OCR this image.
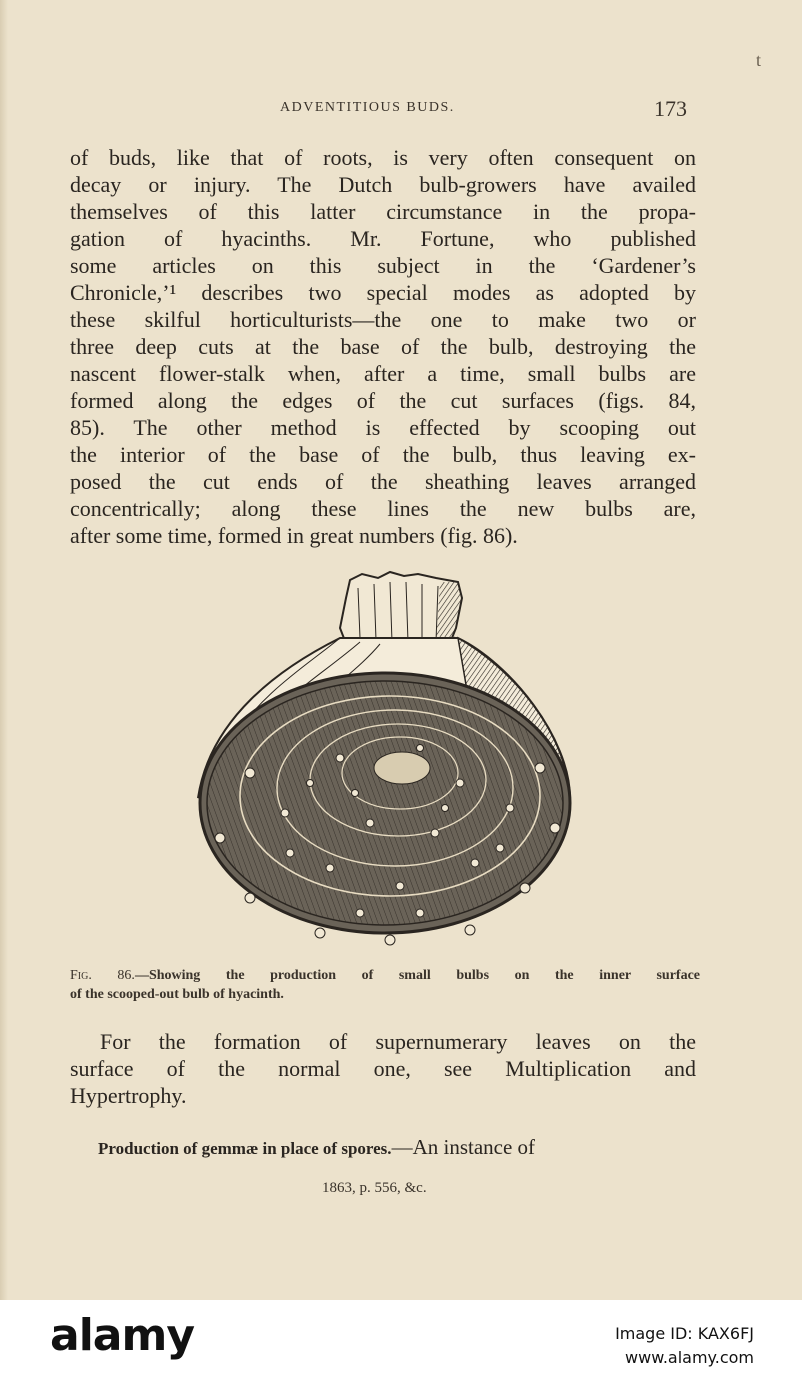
t
ADVENTITIOUS BUDS.	173
of buds, like that of roots, is very often consequent on
decay or injury. The Dutch bulb-growers have availed
themselves of this latter circumstance in the propa-
gation of hyacinths. Mr. Fortune, who published
some articles on this subject in the ‘Gardener’s
Chronicle,’¹ describes two special modes as adopted by
these skilful horticulturists—the one to make two or
three deep cuts at the base of the bulb, destroying the
nascent flower-stalk when, after a time, small bulbs are
formed along the edges of the cut surfaces (figs. 84,
85). The other method is effected by scooping out
the interior of the base of the bulb, thus leaving ex-
posed the cut ends of the sheathing leaves arranged
concentrically; along these lines the new bulbs are,
after some time, formed in great numbers (fig. 86).
Fig. 86.—Showing the production of small bulbs on the inner surface
of the scooped-out bulb of hyacinth.
For the formation of supernumerary leaves on the
surface of the normal one, see Multiplication and
Hypertrophy.
Production of gemmæ in place of spores.—An instance of
1863, p. 556, &c.
alamy	Image ID: KAX6FJ
www.alamy.com
